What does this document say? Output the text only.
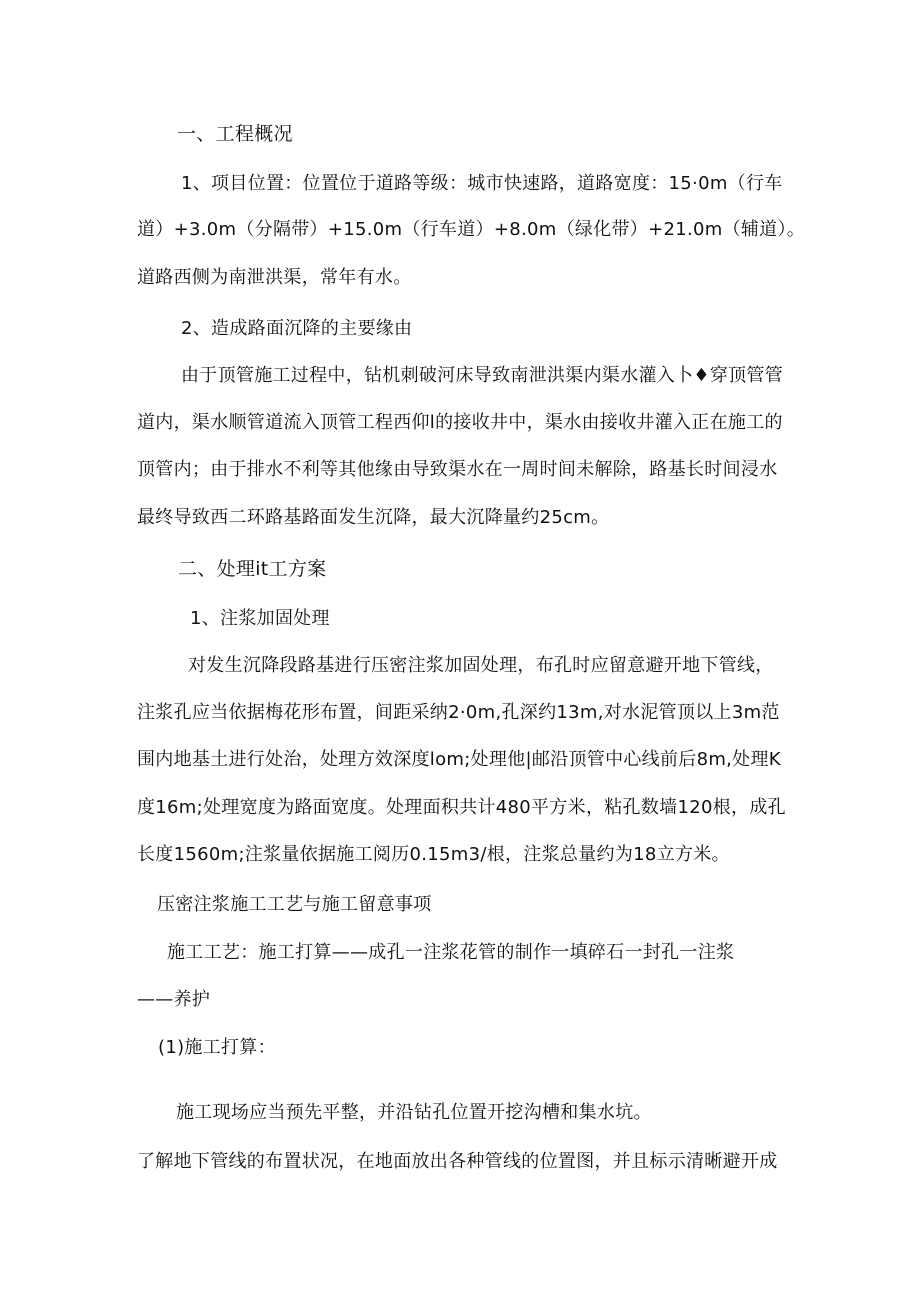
一、工程概况
1、项目位置：位置位于道路等级：城市快速路，道路宽度：15·0m（行车
道）+3.0m（分隔带）+15.0m（行车道）+8.0m（绿化带）+21.0m（辅道）。
道路西侧为南泄洪渠，常年有水。
2、造成路面沉降的主要缘由
由于顶管施工过程中，钻机刺破河床导致南泄洪渠内渠水灌入卜♦穿顶管管
道内，渠水顺管道流入顶管工程西仰l的接收井中，渠水由接收井灌入正在施工的
顶管内；由于排水不利等其他缘由导致渠水在一周时间未解除，路基长时间浸水
最终导致西二环路基路面发生沉降，最大沉降量约25cm。
二、处理it工方案
1、注浆加固处理
对发生沉降段路基进行压密注浆加固处理，布孔时应留意避开地下管线，
注浆孔应当依据梅花形布置，间距采纳2·0m,孔深约13m,对水泥管顶以上3m范
围内地基土进行处治，处理方效深度lom;处理他|邮沿顶管中心线前后8m,处理K
度16m;处理宽度为路面宽度。处理面积共计480平方米，粘孔数墙120根，成孔
长度1560m;注浆量依据施工阅历0.15m3/根，注浆总量约为18立方米。
压密注浆施工工艺与施工留意事项
施工工艺：施工打算——成孔一注浆花管的制作一填碎石一封孔一注浆
——养护
(1)施工打算：
施工现场应当预先平整，并沿钻孔位置开挖沟槽和集水坑。
了解地下管线的布置状况，在地面放出各种管线的位置图，并且标示清晰避开成
